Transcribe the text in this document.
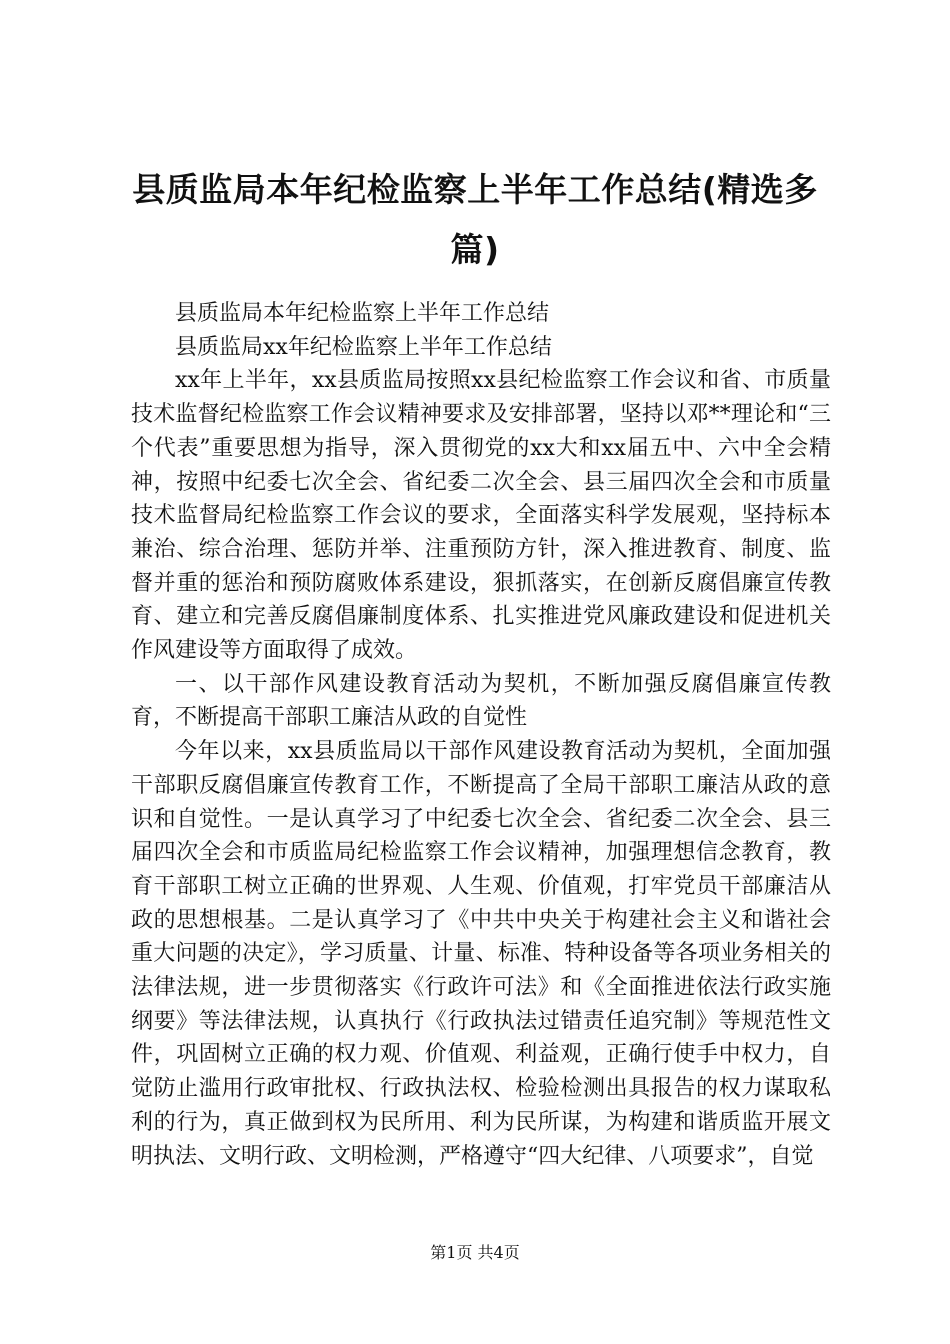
县质监局本年纪检监察上半年工作总结(精选多篇)

县质监局本年纪检监察上半年工作总结

县质监局xx年纪检监察上半年工作总结

xx年上半年，xx县质监局按照xx县纪检监察工作会议和省、市质量技术监督纪检监察工作会议精神要求及安排部署，坚持以邓**理论和“三个代表”重要思想为指导，深入贯彻党的xx大和xx届五中、六中全会精神，按照中纪委七次全会、省纪委二次全会、县三届四次全会和市质量技术监督局纪检监察工作会议的要求，全面落实科学发展观，坚持标本兼治、综合治理、惩防并举、注重预防方针，深入推进教育、制度、监督并重的惩治和预防腐败体系建设，狠抓落实，在创新反腐倡廉宣传教育、建立和完善反腐倡廉制度体系、扎实推进党风廉政建设和促进机关作风建设等方面取得了成效。

一、以干部作风建设教育活动为契机，不断加强反腐倡廉宣传教育，不断提高干部职工廉洁从政的自觉性

今年以来，xx县质监局以干部作风建设教育活动为契机，全面加强干部职反腐倡廉宣传教育工作，不断提高了全局干部职工廉洁从政的意识和自觉性。一是认真学习了中纪委七次全会、省纪委二次全会、县三届四次全会和市质监局纪检监察工作会议精神，加强理想信念教育，教育干部职工树立正确的世界观、人生观、价值观，打牢党员干部廉洁从政的思想根基。二是认真学习了《中共中央关于构建社会主义和谐社会重大问题的决定》，学习质量、计量、标准、特种设备等各项业务相关的法律法规，进一步贯彻落实《行政许可法》和《全面推进依法行政实施纲要》等法律法规，认真执行《行政执法过错责任追究制》等规范性文件，巩固树立正确的权力观、价值观、利益观，正确行使手中权力，自觉防止滥用行政审批权、行政执法权、检验检测出具报告的权力谋取私利的行为，真正做到权为民所用、利为民所谋，为构建和谐质监开展文明执法、文明行政、文明检测，严格遵守“四大纪律、八项要求”，自觉

第1页 共4页
